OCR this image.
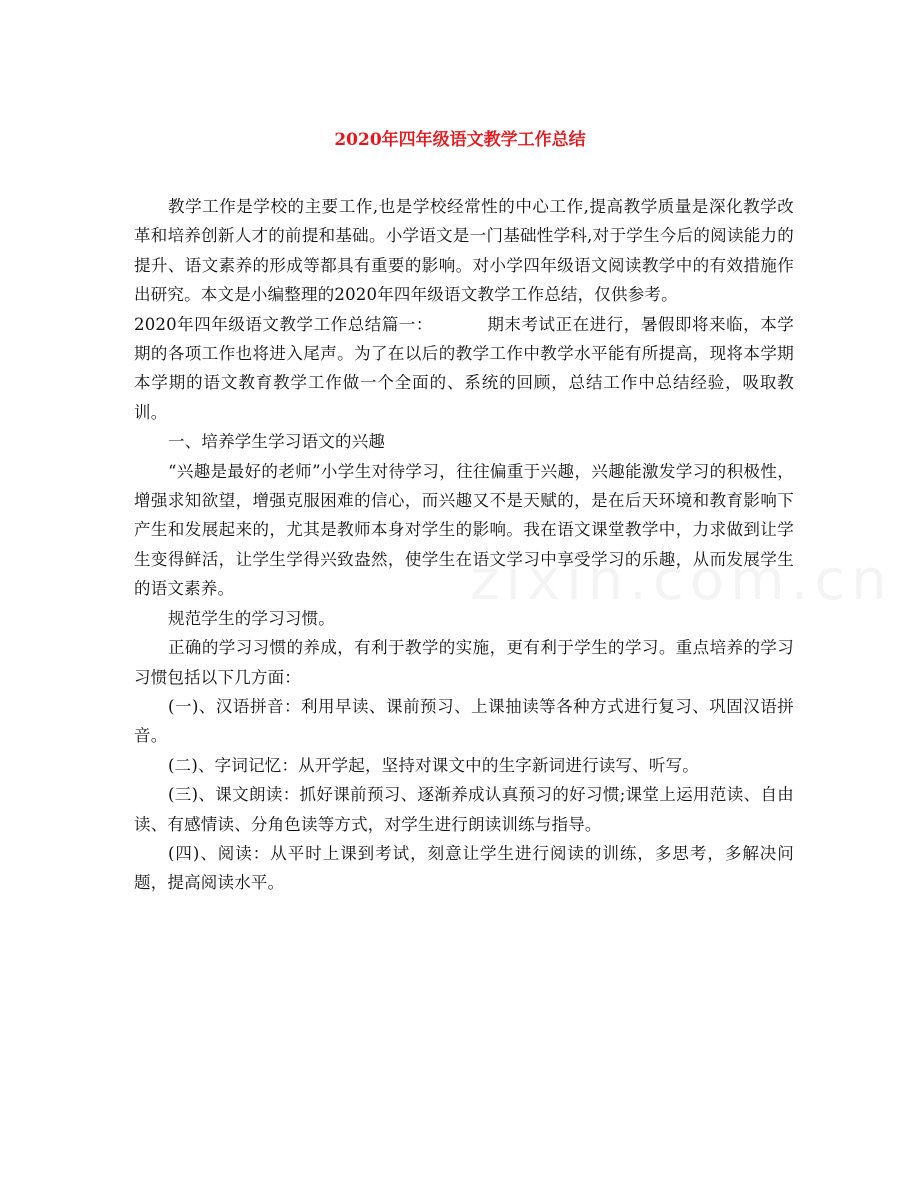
2020年四年级语文教学工作总结

教学工作是学校的主要工作,也是学校经常性的中心工作,提高教学质量是深化教学改革和培养创新人才的前提和基础。小学语文是一门基础性学科,对于学生今后的阅读能力的提升、语文素养的形成等都具有重要的影响。对小学四年级语文阅读教学中的有效措施作出研究。本文是小编整理的2020年四年级语文教学工作总结，仅供参考。

2020年四年级语文教学工作总结篇一：	期末考试正在进行，暑假即将来临，本学期的各项工作也将进入尾声。为了在以后的教学工作中教学水平能有所提高，现将本学期本学期的语文教育教学工作做一个全面的、系统的回顾，总结工作中总结经验，吸取教训。

一、培养学生学习语文的兴趣

“兴趣是最好的老师”小学生对待学习，往往偏重于兴趣，兴趣能激发学习的积极性，增强求知欲望，增强克服困难的信心，而兴趣又不是天赋的，是在后天环境和教育影响下产生和发展起来的，尤其是教师本身对学生的影响。我在语文课堂教学中，力求做到让学生变得鲜活，让学生学得兴致盎然，使学生在语文学习中享受学习的乐趣，从而发展学生的语文素养。

规范学生的学习习惯。

正确的学习习惯的养成，有利于教学的实施，更有利于学生的学习。重点培养的学习习惯包括以下几方面：

(一)、汉语拼音：利用早读、课前预习、上课抽读等各种方式进行复习、巩固汉语拼音。

(二)、字词记忆：从开学起，坚持对课文中的生字新词进行读写、听写。

(三)、课文朗读：抓好课前预习、逐渐养成认真预习的好习惯;课堂上运用范读、自由读、有感情读、分角色读等方式，对学生进行朗读训练与指导。

(四)、阅读：从平时上课到考试，刻意让学生进行阅读的训练，多思考，多解决问题，提高阅读水平。
